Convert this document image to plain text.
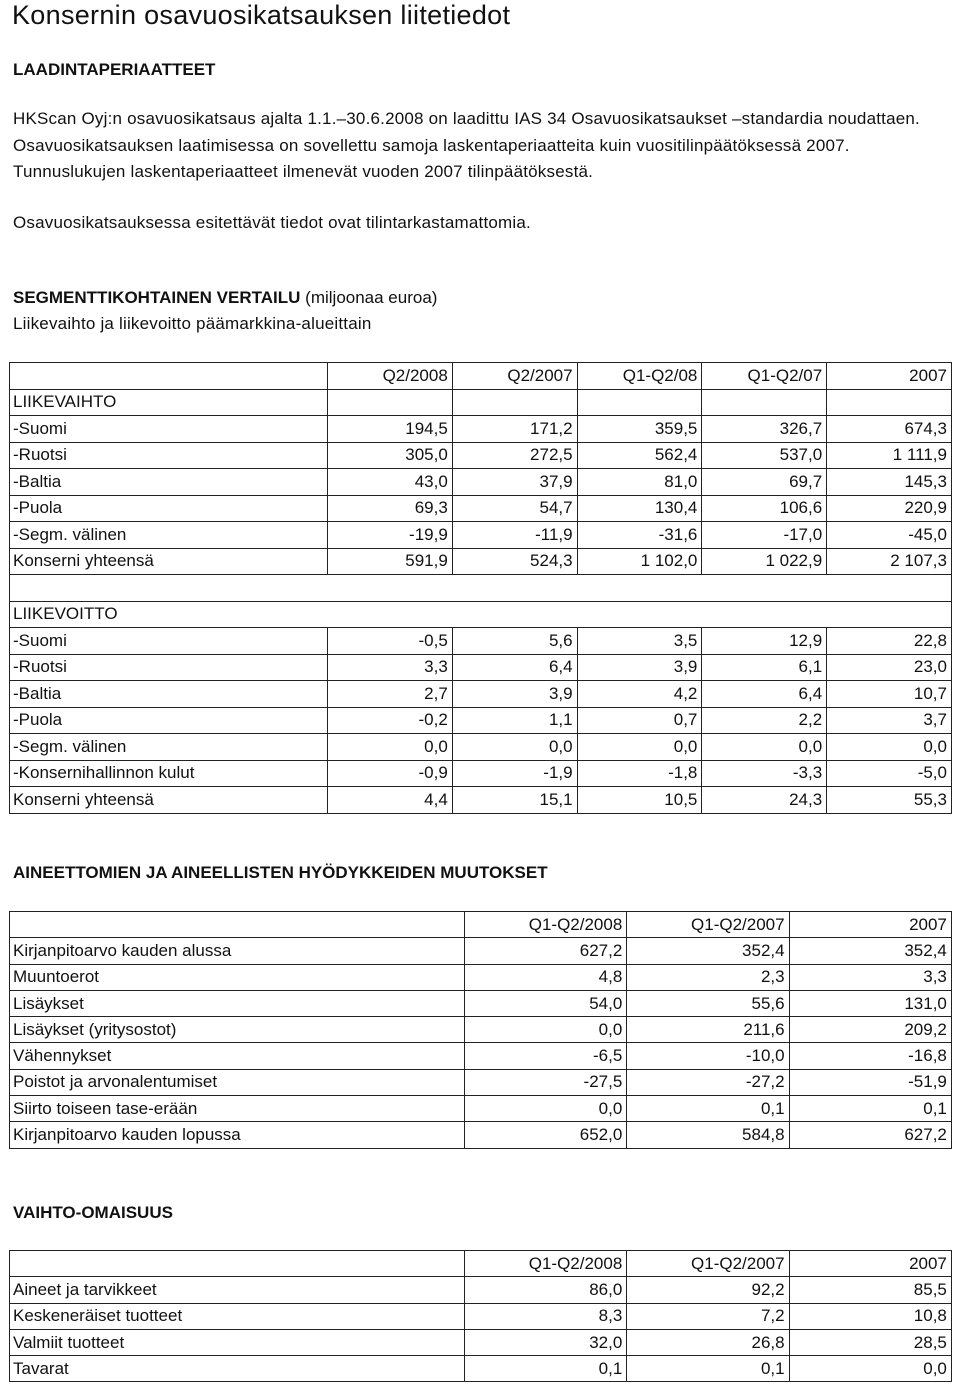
Konsernin osavuosikatsauksen liitetiedot
LAADINTAPERIAATTEET
HKScan Oyj:n osavuosikatsaus ajalta 1.1.–30.6.2008 on laadittu IAS 34 Osavuosikatsaukset –standardia noudattaen. Osavuosikatsauksen laatimisessa on sovellettu samoja laskentaperiaatteita kuin vuositilinpäätöksessä 2007. Tunnuslukujen laskentaperiaatteet ilmenevät vuoden 2007 tilinpäätöksestä.
Osavuosikatsauksessa esitettävät tiedot ovat tilintarkastamattomia.
SEGMENTTIKOHTAINEN VERTAILU (miljoonaa euroa)
Liikevaihto ja liikevoitto päämarkkina-alueittain
	Q2/2008	Q2/2007	Q1-Q2/08	Q1-Q2/07	2007
LIIKEVAIHTO					
-Suomi	194,5	171,2	359,5	326,7	674,3
-Ruotsi	305,0	272,5	562,4	537,0	1 111,9
-Baltia	43,0	37,9	81,0	69,7	145,3
-Puola	69,3	54,7	130,4	106,6	220,9
-Segm. välinen	-19,9	-11,9	-31,6	-17,0	-45,0
Konserni yhteensä	591,9	524,3	1 102,0	1 022,9	2 107,3

LIIKEVOITTO					
-Suomi	-0,5	5,6	3,5	12,9	22,8
-Ruotsi	3,3	6,4	3,9	6,1	23,0
-Baltia	2,7	3,9	4,2	6,4	10,7
-Puola	-0,2	1,1	0,7	2,2	3,7
-Segm. välinen	0,0	0,0	0,0	0,0	0,0
-Konsernihallinnon kulut	-0,9	-1,9	-1,8	-3,3	-5,0
Konserni yhteensä	4,4	15,1	10,5	24,3	55,3
AINEETTOMIEN JA AINEELLISTEN HYÖDYKKEIDEN MUUTOKSET
	Q1-Q2/2008	Q1-Q2/2007	2007
Kirjanpitoarvo kauden alussa	627,2	352,4	352,4
Muuntoerot	4,8	2,3	3,3
Lisäykset	54,0	55,6	131,0
Lisäykset (yritysostot)	0,0	211,6	209,2
Vähennykset	-6,5	-10,0	-16,8
Poistot ja arvonalentumiset	-27,5	-27,2	-51,9
Siirto toiseen tase-erään	0,0	0,1	0,1
Kirjanpitoarvo kauden lopussa	652,0	584,8	627,2
VAIHTO-OMAISUUS
	Q1-Q2/2008	Q1-Q2/2007	2007
Aineet ja tarvikkeet	86,0	92,2	85,5
Keskeneräiset tuotteet	8,3	7,2	10,8
Valmiit tuotteet	32,0	26,8	28,5
Tavarat	0,1	0,1	0,0
